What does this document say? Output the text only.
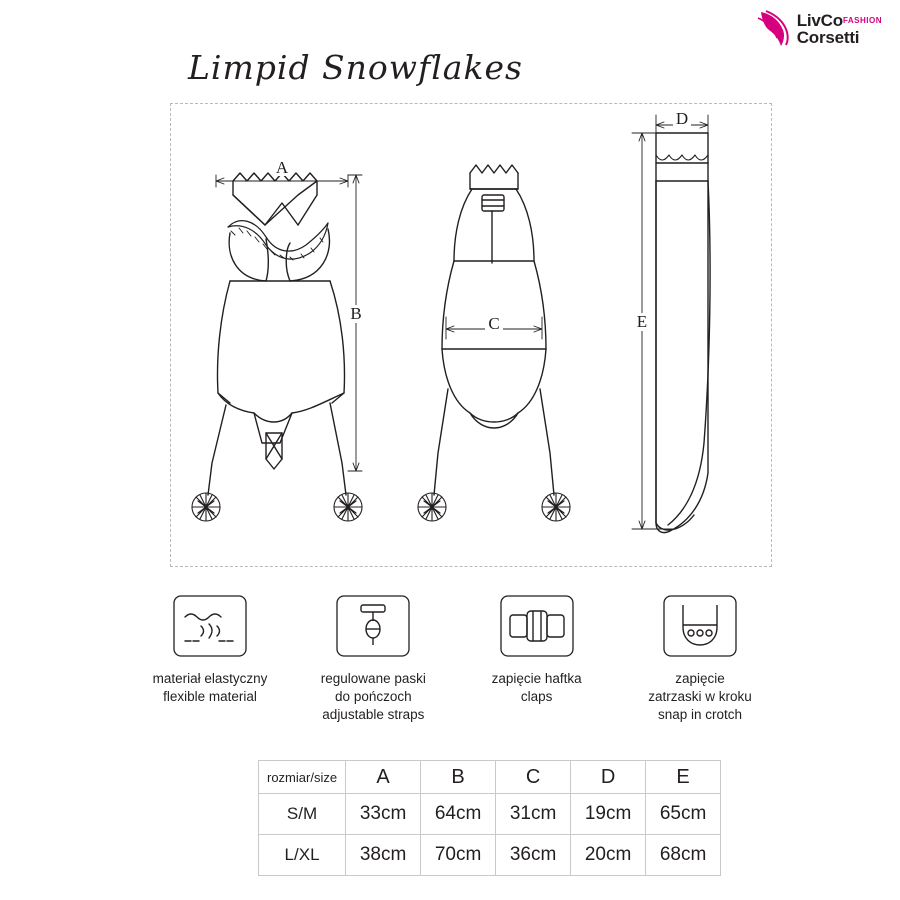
LivCoFASHION
Corsetti
Limpid Snowflakes
A
B
C
D
E
materiał elastyczny
flexible material
regulowane paski
do pończoch
adjustable straps
zapięcie haftka
claps
zapięcie
zatrzaski w kroku
snap in crotch
rozmiar/size	A	B	C	D	E
S/M	33cm	64cm	31cm	19cm	65cm
L/XL	38cm	70cm	36cm	20cm	68cm
